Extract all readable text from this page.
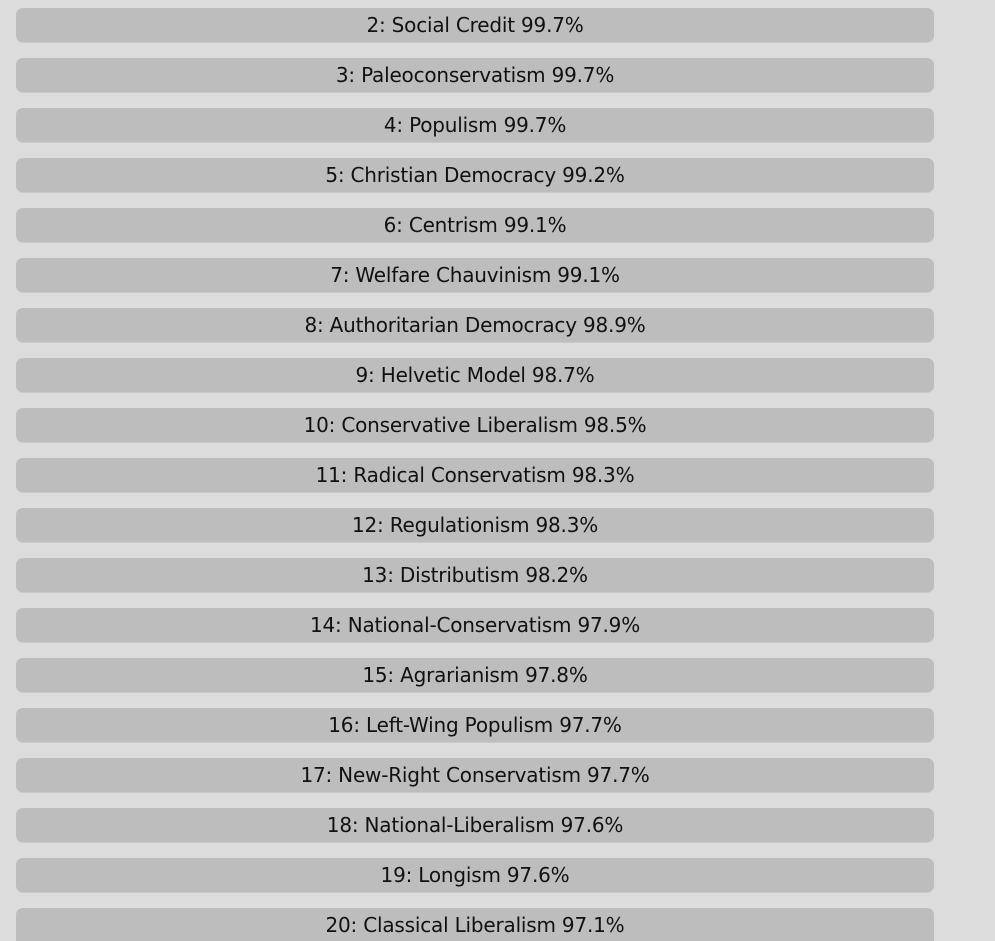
2: Social Credit 99.7%
3: Paleoconservatism 99.7%
4: Populism 99.7%
5: Christian Democracy 99.2%
6: Centrism 99.1%
7: Welfare Chauvinism 99.1%
8: Authoritarian Democracy 98.9%
9: Helvetic Model 98.7%
10: Conservative Liberalism 98.5%
11: Radical Conservatism 98.3%
12: Regulationism 98.3%
13: Distributism 98.2%
14: National-Conservatism 97.9%
15: Agrarianism 97.8%
16: Left-Wing Populism 97.7%
17: New-Right Conservatism 97.7%
18: National-Liberalism 97.6%
19: Longism 97.6%
20: Classical Liberalism 97.1%
